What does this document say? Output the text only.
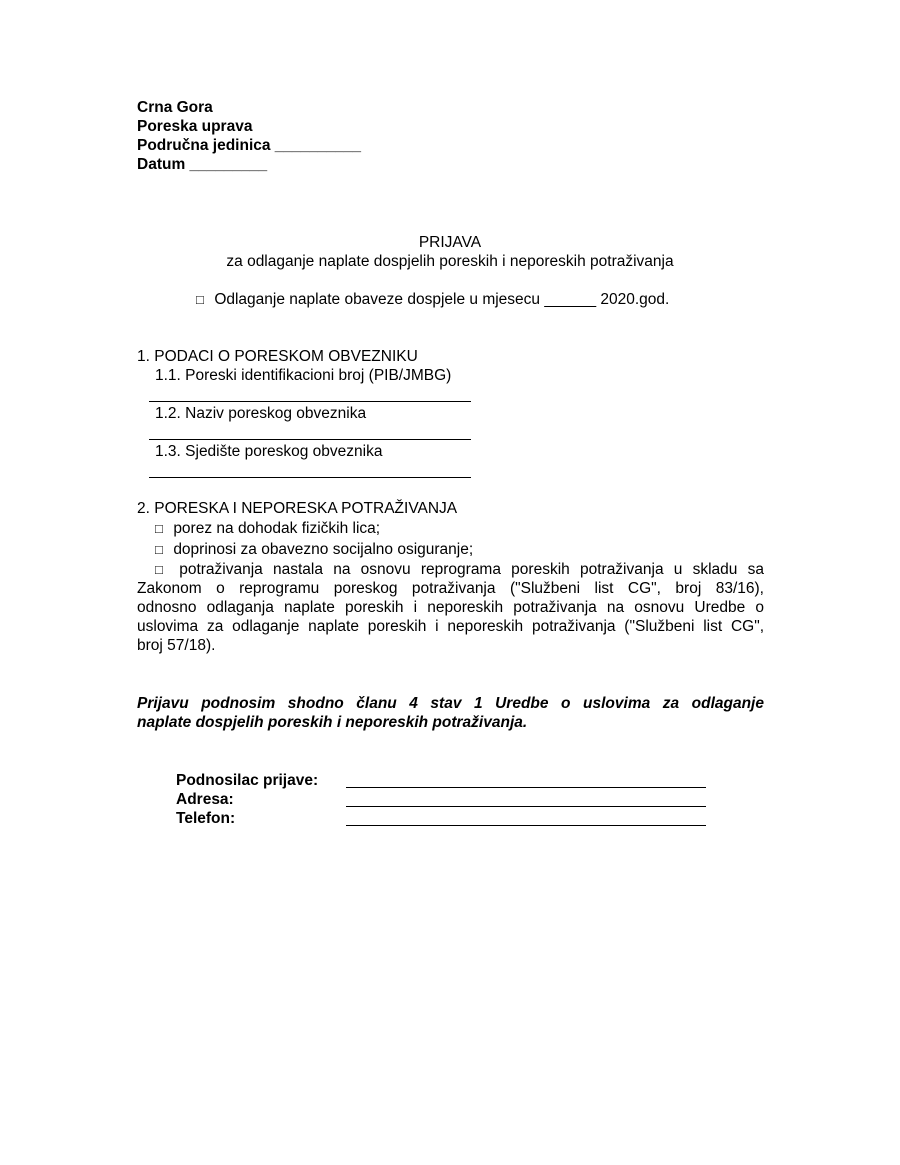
Crna Gora
Poreska uprava
Područna jedinica __________
Datum _________
PRIJAVA
za odlaganje naplate dospjelih poreskih i neporeskih potraživanja
□ Odlaganje naplate obaveze dospjele u mjesecu ______ 2020.god.
1. PODACI O PORESKOM OBVEZNIKU
1.1. Poreski identifikacioni broj (PIB/JMBG)
1.2. Naziv poreskog obveznika
1.3. Sjedište poreskog obveznika
2. PORESKA I NEPORESKA POTRAŽIVANJA
□ porez na dohodak fizičkih lica;
□ doprinosi za obavezno socijalno osiguranje;
□ potraživanja nastala na osnovu reprograma poreskih potraživanja u skladu sa
Zakonom o reprogramu poreskog potraživanja ("Službeni list CG", broj 83/16),
odnosno odlaganja naplate poreskih i neporeskih potraživanja na osnovu Uredbe o
uslovima za odlaganje naplate poreskih i neporeskih potraživanja ("Službeni list CG",
broj 57/18).
Prijavu podnosim shodno članu 4 stav 1 Uredbe o uslovima za odlaganje
naplate dospjelih poreskih i neporeskih potraživanja.
Podnosilac prijave:
Adresa:
Telefon:
